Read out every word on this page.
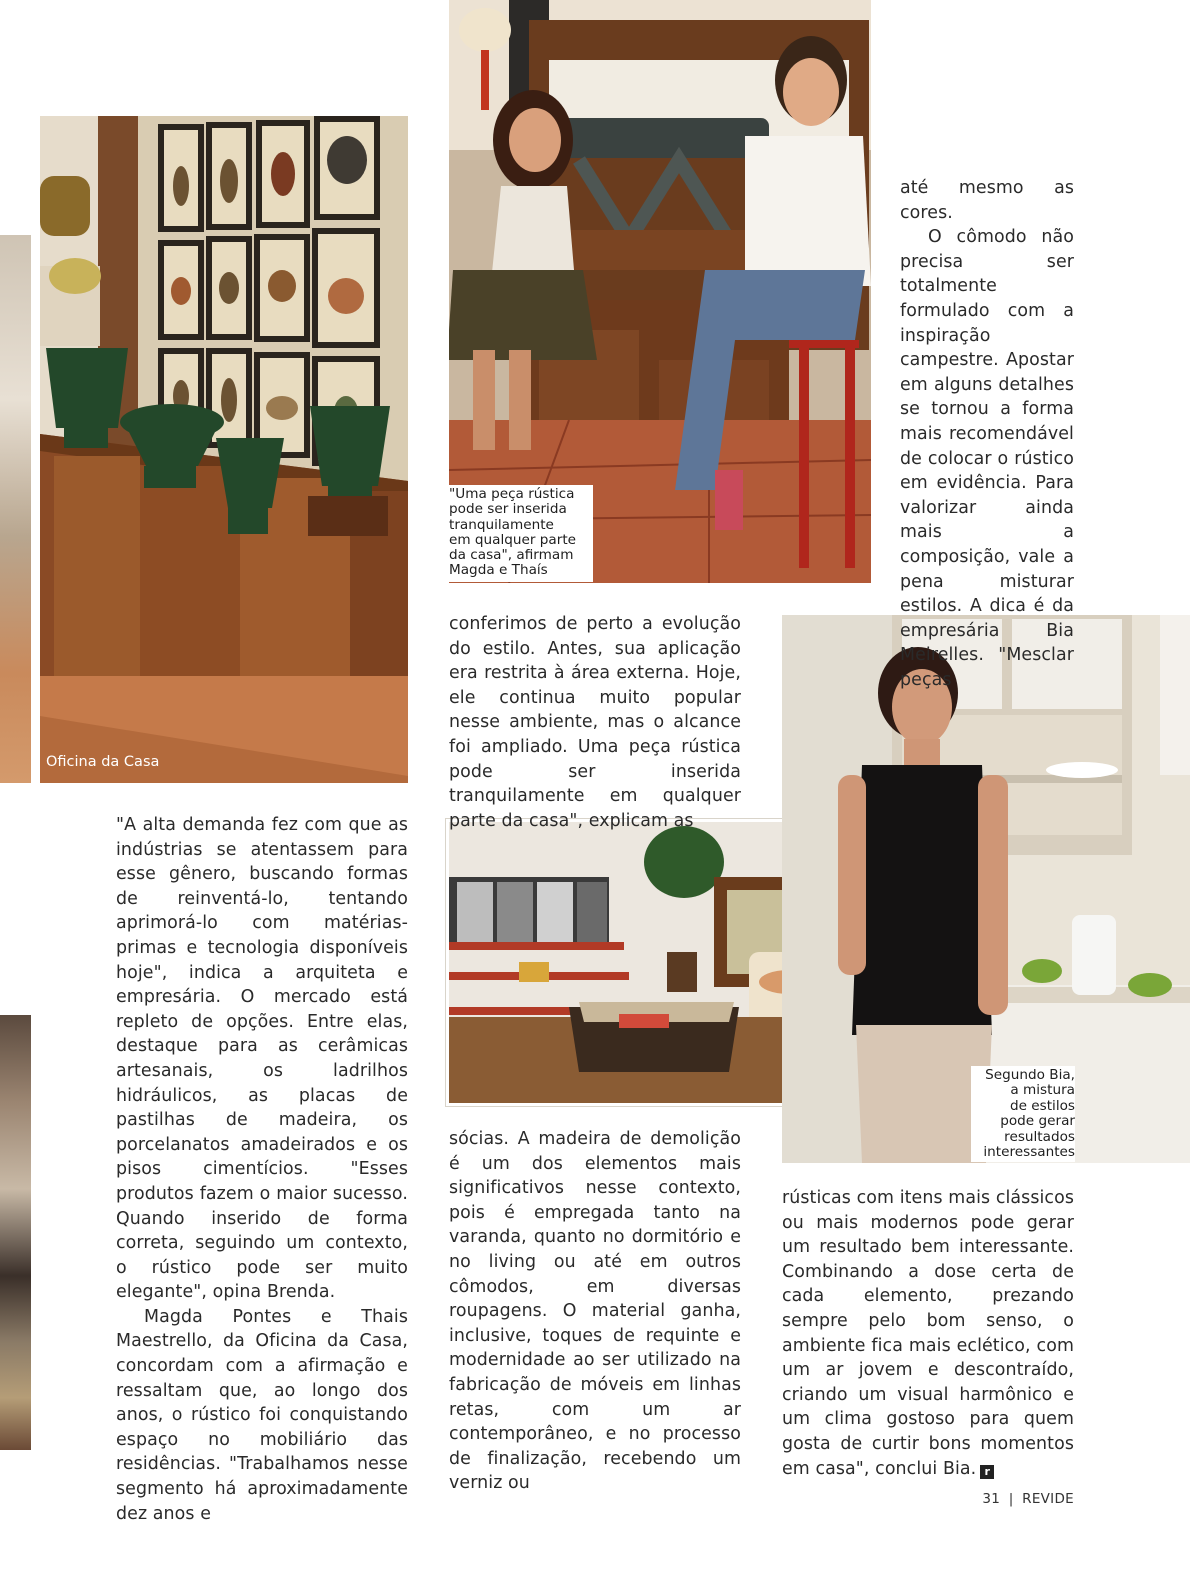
Oficina da Casa
"Uma peça rústica
pode ser inserida
tranquilamente
em qualquer parte
da casa", afirmam
Magda e Thaís
Segundo Bia,
a mistura
de estilos
pode gerar
resultados
interessantes

"A alta demanda fez com que as indústrias se atentassem para esse gênero, buscando formas de reinventá-lo, tentando aprimorá-lo com matérias-primas e tecnologia disponíveis hoje", indica a arquiteta e empresária. O mercado está repleto de opções. Entre elas, destaque para as cerâmicas artesanais, os ladrilhos hidráulicos, as placas de pastilhas de madeira, os porcelanatos amadeirados e os pisos cimentícios. "Esses produtos fazem o maior sucesso. Quando inserido de forma correta, seguindo um contexto, o rústico pode ser muito elegante", opina Brenda.

Magda Pontes e Thais Maestrello, da Oficina da Casa, concordam com a afirmação e ressaltam que, ao longo dos anos, o rústico foi conquistando espaço no mobiliário das residências. "Trabalhamos nesse segmento há aproximadamente dez anos e

conferimos de perto a evolução do estilo. Antes, sua aplicação era restrita à área externa. Hoje, ele continua muito popular nesse ambiente, mas o alcance foi ampliado. Uma peça rústica pode ser inserida tranquilamente em qualquer parte da casa", explicam as

sócias. A madeira de demolição é um dos elementos mais significativos nesse contexto, pois é empregada tanto na varanda, quanto no dormitório e no living ou até em outros cômodos, em diversas roupagens. O material ganha, inclusive, toques de requinte e modernidade ao ser utilizado na fabricação de móveis em linhas retas, com um ar contemporâneo, e no processo de finalização, recebendo um verniz ou

até mesmo as cores.

O cômodo não precisa ser totalmente formulado com a inspiração campestre. Apostar em alguns detalhes se tornou a forma mais recomendável de colocar o rústico em evidência. Para valorizar ainda mais a composição, vale a pena misturar estilos. A dica é da empresária Bia Meirelles. "Mesclar peças

rústicas com itens mais clássicos ou mais modernos pode gerar um resultado bem interessante. Combinando a dose certa de cada elemento, prezando sempre pelo bom senso, o ambiente fica mais eclético, com um ar jovem e descontraído, criando um visual harmônico e um clima gostoso para quem gosta de curtir bons momentos em casa", conclui Bia. r

31 | REVIDE
